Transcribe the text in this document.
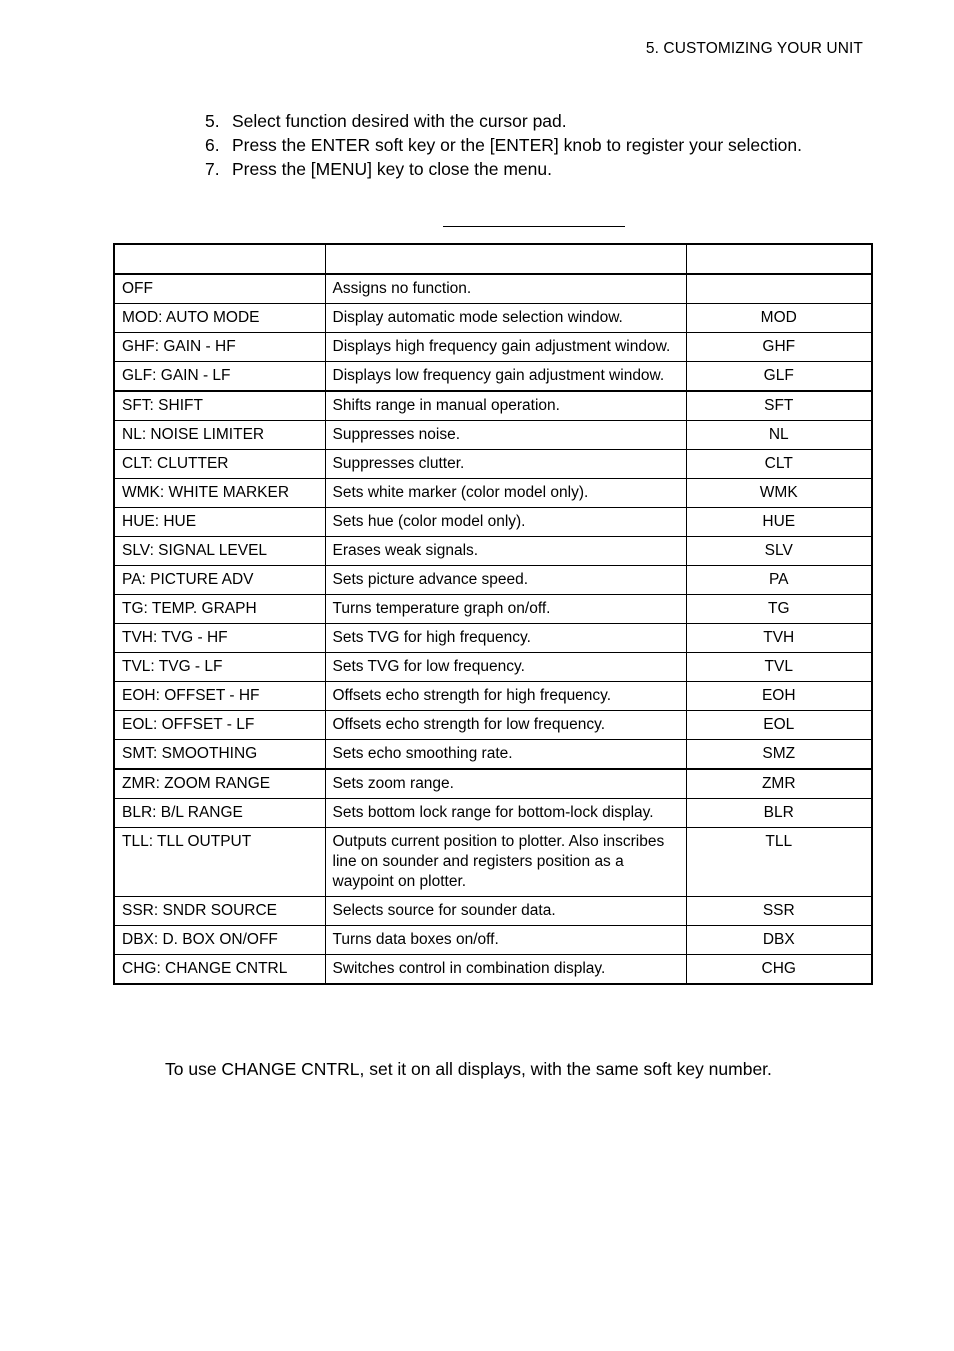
5. CUSTOMIZING YOUR UNIT
5. Select function desired with the cursor pad.
6. Press the ENTER soft key or the [ENTER] knob to register your selection.
7. Press the [MENU] key to close the menu.

OFF	Assigns no function.	
MOD: AUTO MODE	Display automatic mode selection window.	MOD
GHF: GAIN - HF	Displays high frequency gain adjustment window.	GHF
GLF: GAIN - LF	Displays low frequency gain adjustment window.	GLF
SFT: SHIFT	Shifts range in manual operation.	SFT
NL: NOISE LIMITER	Suppresses noise.	NL
CLT: CLUTTER	Suppresses clutter.	CLT
WMK: WHITE MARKER	Sets white marker (color model only).	WMK
HUE: HUE	Sets hue (color model only).	HUE
SLV: SIGNAL LEVEL	Erases weak signals.	SLV
PA: PICTURE ADV	Sets picture advance speed.	PA
TG: TEMP. GRAPH	Turns temperature graph on/off.	TG
TVH: TVG - HF	Sets TVG for high frequency.	TVH
TVL: TVG - LF	Sets TVG for low frequency.	TVL
EOH: OFFSET - HF	Offsets echo strength for high frequency.	EOH
EOL: OFFSET - LF	Offsets echo strength for low frequency.	EOL
SMT: SMOOTHING	Sets echo smoothing rate.	SMZ
ZMR: ZOOM RANGE	Sets zoom range.	ZMR
BLR: B/L RANGE	Sets bottom lock range for bottom-lock display.	BLR
TLL: TLL OUTPUT	Outputs current position to plotter. Also inscribes line on sounder and registers position as a waypoint on plotter.	TLL
SSR: SNDR SOURCE	Selects source for sounder data.	SSR
DBX: D. BOX ON/OFF	Turns data boxes on/off.	DBX
CHG: CHANGE CNTRL	Switches control in combination display.	CHG
To use CHANGE CNTRL, set it on all displays, with the same soft key number.
